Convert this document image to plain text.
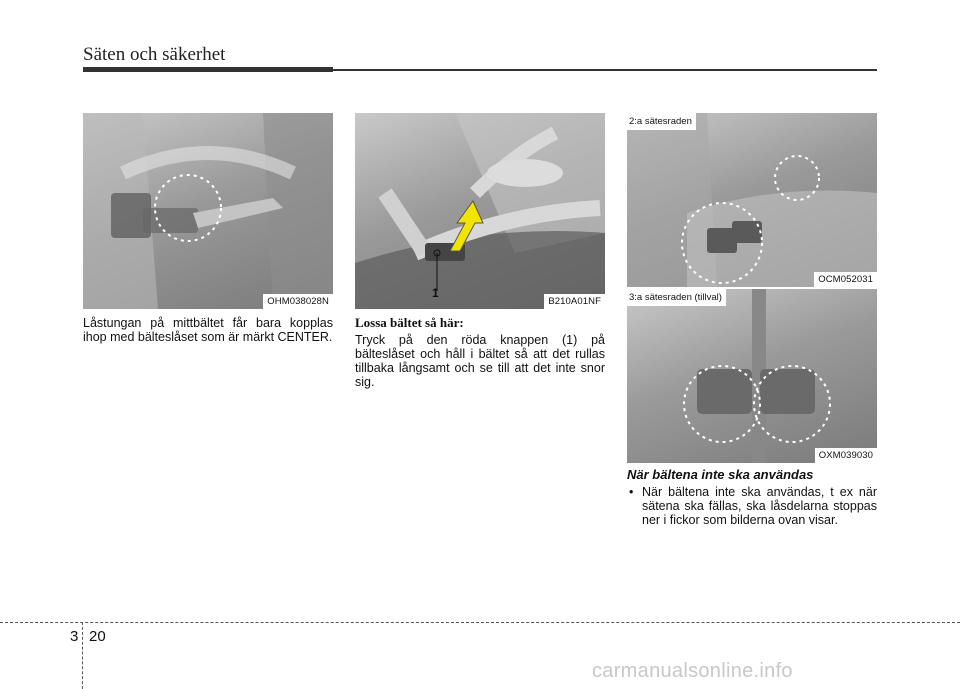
Säten och säkerhet
OHM038028N
1
B210A01NF
2:a sätesraden
OCM052031
3:a sätesraden (tillval)
OXM039030
Låstungan på mittbältet får bara kopplas ihop med bälteslåset som är märkt CENTER.
Lossa bältet så här:
Tryck på den röda knappen (1) på bälteslåset och håll i bältet så att det rullas tillbaka långsamt och se till att det inte snor sig.
När bältena inte ska användas
• När bältena inte ska användas, t ex när sätena ska fällas, ska låsdelarna stoppas ner i fickor som bilderna ovan visar.
3 20
carmanualsonline.info
